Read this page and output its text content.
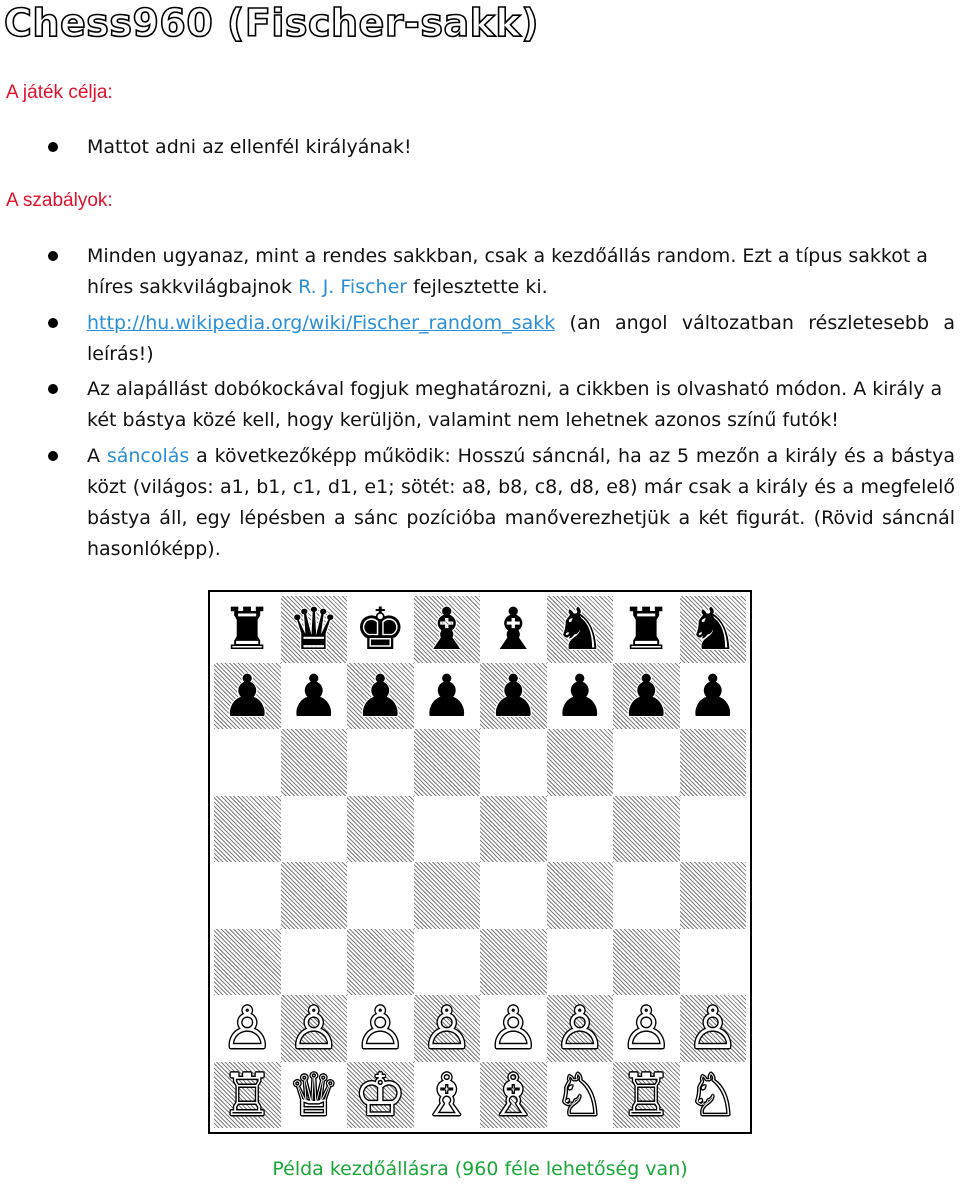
Chess960 (Fischer-sakk)
A játék célja:
Mattot adni az ellenfél királyának!
A szabályok:
Minden ugyanaz, mint a rendes sakkban, csak a kezdőállás random. Ezt a típus sakkot a híres sakkvilágbajnok R. J. Fischer fejlesztette ki.
http://hu.wikipedia.org/wiki/Fischer_random_sakk (an angol változatban részletesebb a leírás!)
Az alapállást dobókockával fogjuk meghatározni, a cikkben is olvasható módon. A király a két bástya közé kell, hogy kerüljön, valamint nem lehetnek azonos színű futók!
A sáncolás a következőképp működik: Hosszú sáncnál, ha az 5 mezőn a király és a bástya közt (világos: a1, b1, c1, d1, e1; sötét: a8, b8, c8, d8, e8) már csak a király és a megfelelő bástya áll, egy lépésben a sánc pozícióba manőverezhetjük a két figurát. (Rövid sáncnál hasonlóképp).
♜ ♛ ♚ ♝ ♝ ♞ ♜ ♞
♟ ♟ ♟ ♟ ♟ ♟ ♟ ♟
♙ ♙ ♙ ♙ ♙ ♙ ♙ ♙
♖ ♕ ♔ ♗ ♗ ♘ ♖ ♘
Példa kezdőállásra (960 féle lehetőség van)
